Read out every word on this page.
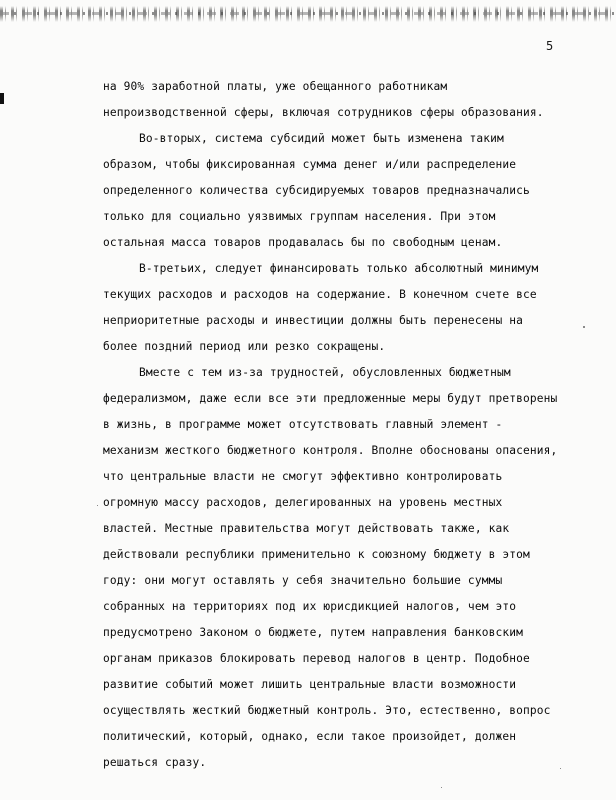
5
на 90% заработной платы, уже обещанного работникам
непроизводственной сферы, включая сотрудников сферы образования.
Во-вторых, система субсидий может быть изменена таким
образом, чтобы фиксированная сумма денег и/или распределение
определенного количества субсидируемых товаров предназначались
только для социально уязвимых группам населения. При этом
остальная масса товаров продавалась бы по свободным ценам.
В-третьих, следует финансировать только абсолютный минимум
текущих расходов и расходов на содержание. В конечном счете все
неприоритетные расходы и инвестиции должны быть перенесены на
более поздний период или резко сокращены.
Вместе с тем из-за трудностей, обусловленных бюджетным
федерализмом, даже если все эти предложенные меры будут претворены
в жизнь, в программе может отсутствовать главный элемент -
механизм жесткого бюджетного контроля. Вполне обоснованы опасения,
что центральные власти не смогут эффективно контролировать
огромную массу расходов, делегированных на уровень местных
властей. Местные правительства могут действовать также, как
действовали республики применительно к союзному бюджету в этом
году: они могут оставлять у себя значительно большие суммы
собранных на территориях под их юрисдикцией налогов, чем это
предусмотрено Законом о бюджете, путем направления банковским
органам приказов блокировать перевод налогов в центр. Подобное
развитие событий может лишить центральные власти возможности
осуществлять жесткий бюджетный контроль. Это, естественно, вопрос
политический, который, однако, если такое произойдет, должен
решаться сразу.
